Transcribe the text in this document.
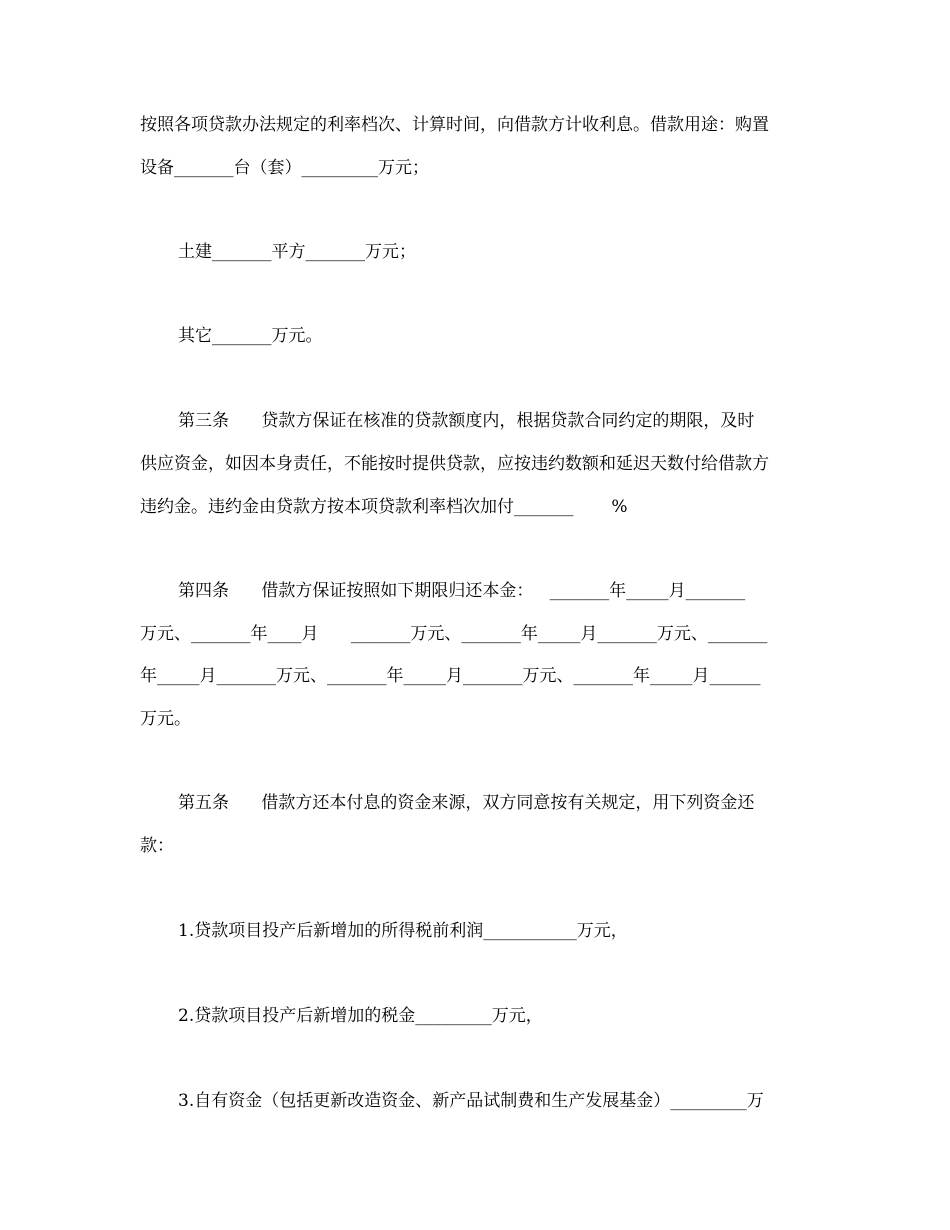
按照各项贷款办法规定的利率档次、计算时间，向借款方计收利息。借款用途：购置
设备_______台（套）_________万元；
土建_______平方_______万元；
其它_______万元。
第三条      贷款方保证在核准的贷款额度内，根据贷款合同约定的期限，及时
供应资金，如因本身责任，不能按时提供贷款，应按违约数额和延迟天数付给借款方
违约金。违约金由贷款方按本项贷款利率档次加付_______       %
第四条      借款方保证按照如下期限归还本金：   _______年_____月_______
万元、_______年____月      _______万元、_______年_____月_______万元、_______
年_____月_______万元、_______年_____月_______万元、_______年_____月______
万元。
第五条      借款方还本付息的资金来源，双方同意按有关规定，用下列资金还
款：
1.贷款项目投产后新增加的所得税前利润___________万元，
2.贷款项目投产后新增加的税金_________万元，
3.自有资金（包括更新改造资金、新产品试制费和生产发展基金）_________万
